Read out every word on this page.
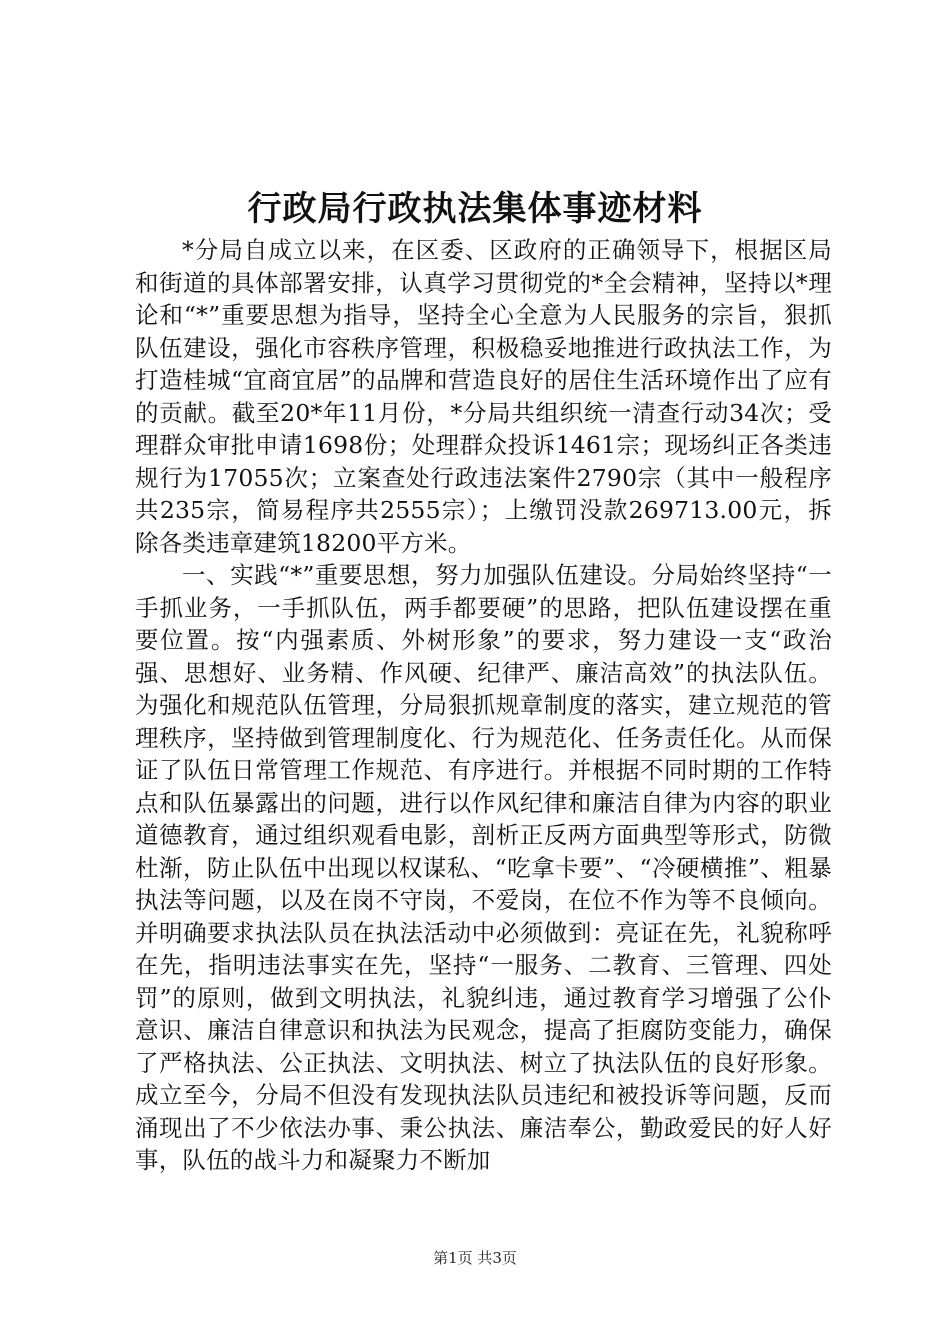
行政局行政执法集体事迹材料

*分局自成立以来，在区委、区政府的正确领导下，根据区局和街道的具体部署安排，认真学习贯彻党的*全会精神，坚持以*理论和“*”重要思想为指导，坚持全心全意为人民服务的宗旨，狠抓队伍建设，强化市容秩序管理，积极稳妥地推进行政执法工作，为打造桂城“宜商宜居”的品牌和营造良好的居住生活环境作出了应有的贡献。截至20*年11月份，*分局共组织统一清查行动34次；受理群众审批申请1698份；处理群众投诉1461宗；现场纠正各类违规行为17055次；立案查处行政违法案件2790宗（其中一般程序共235宗，简易程序共2555宗）；上缴罚没款269713.00元，拆除各类违章建筑18200平方米。

一、实践“*”重要思想，努力加强队伍建设。分局始终坚持“一手抓业务，一手抓队伍，两手都要硬”的思路，把队伍建设摆在重要位置。按“内强素质、外树形象”的要求，努力建设一支“政治强、思想好、业务精、作风硬、纪律严、廉洁高效”的执法队伍。为强化和规范队伍管理，分局狠抓规章制度的落实，建立规范的管理秩序，坚持做到管理制度化、行为规范化、任务责任化。从而保证了队伍日常管理工作规范、有序进行。并根据不同时期的工作特点和队伍暴露出的问题，进行以作风纪律和廉洁自律为内容的职业道德教育，通过组织观看电影，剖析正反两方面典型等形式，防微杜渐，防止队伍中出现以权谋私、“吃拿卡要”、“冷硬横推”、粗暴执法等问题，以及在岗不守岗，不爱岗，在位不作为等不良倾向。并明确要求执法队员在执法活动中必须做到：亮证在先，礼貌称呼在先，指明违法事实在先，坚持“一服务、二教育、三管理、四处罚”的原则，做到文明执法，礼貌纠违，通过教育学习增强了公仆意识、廉洁自律意识和执法为民观念，提高了拒腐防变能力，确保了严格执法、公正执法、文明执法、树立了执法队伍的良好形象。成立至今，分局不但没有发现执法队员违纪和被投诉等问题，反而涌现出了不少依法办事、秉公执法、廉洁奉公，勤政爱民的好人好事，队伍的战斗力和凝聚力不断加

第1页 共3页
